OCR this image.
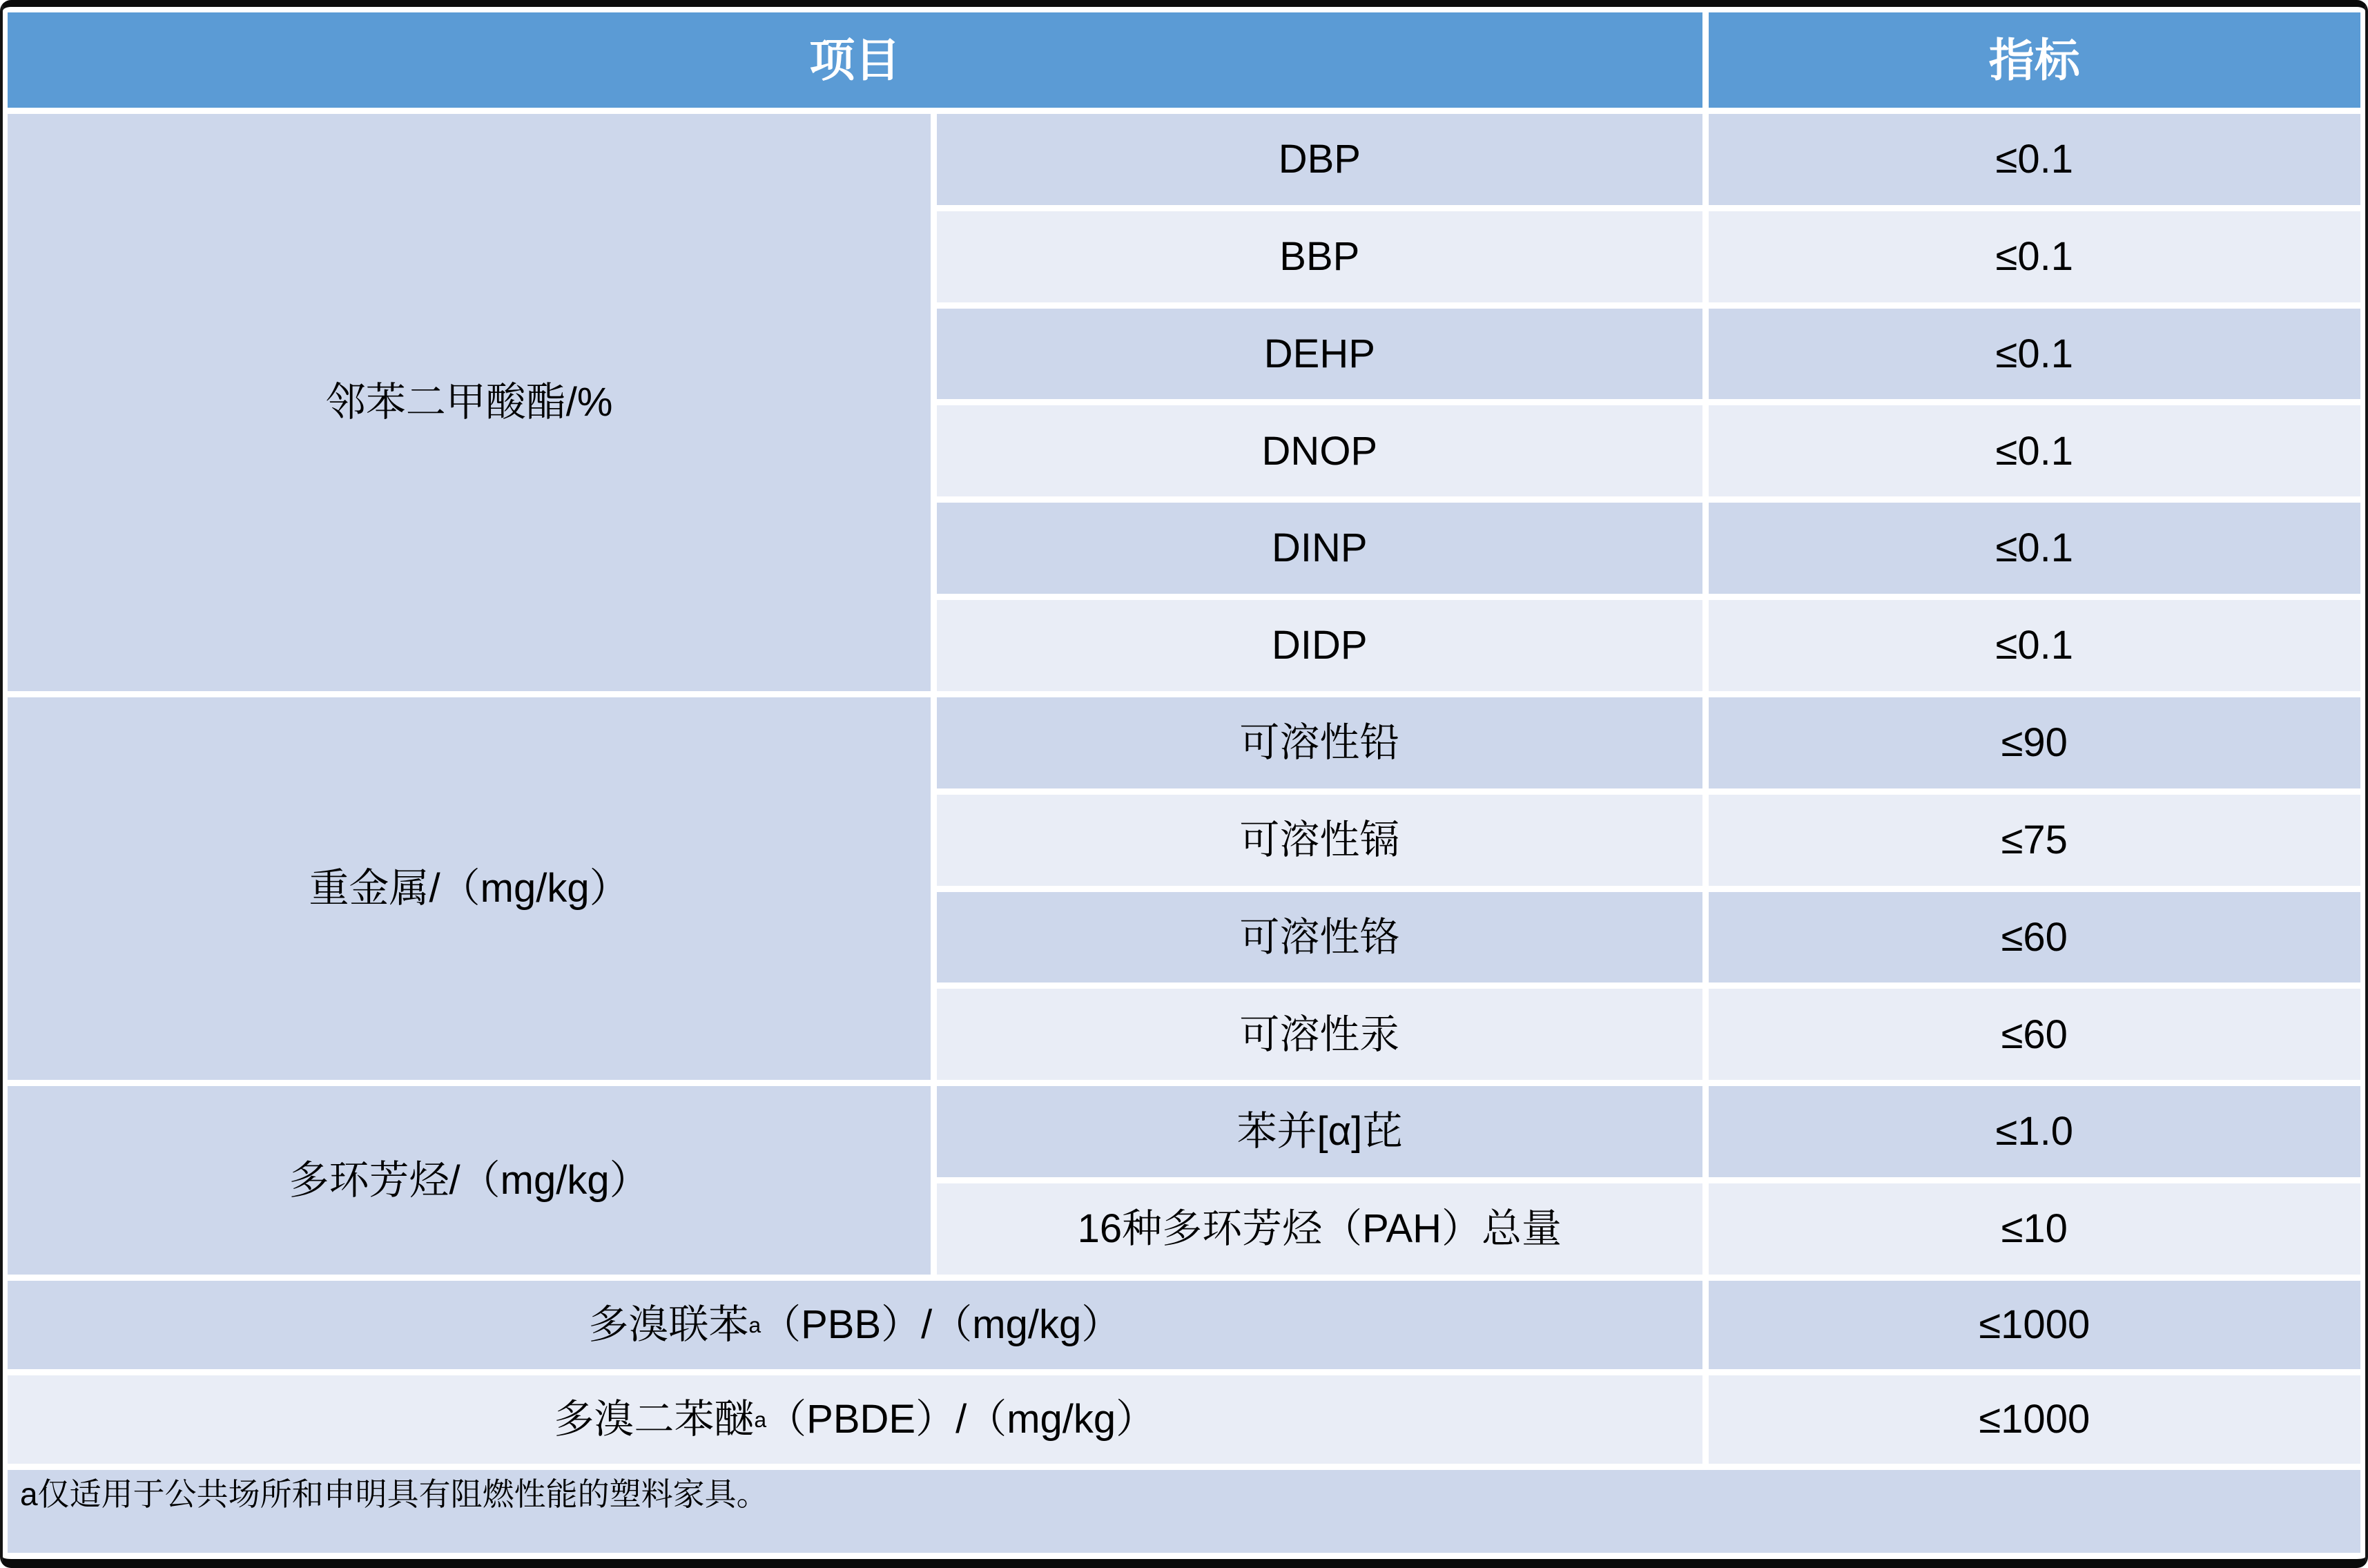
项目	指标
邻苯二甲酸酯/%
DBP	≤0.1
BBP	≤0.1
DEHP	≤0.1
DNOP	≤0.1
DINP	≤0.1
DIDP	≤0.1
重金属/（mg/kg）
可溶性铅	≤90
可溶性镉	≤75
可溶性铬	≤60
可溶性汞	≤60
多环芳烃/（mg/kg）
苯并[α]芘	≤1.0
16种多环芳烃（PAH）总量	≤10
多溴联苯 a （PBB）/（mg/kg）	≤1000
多溴二苯醚 a （PBDE）/（mg/kg）	≤1000
a仅适用于公共场所和申明具有阻燃性能的塑料家具。
